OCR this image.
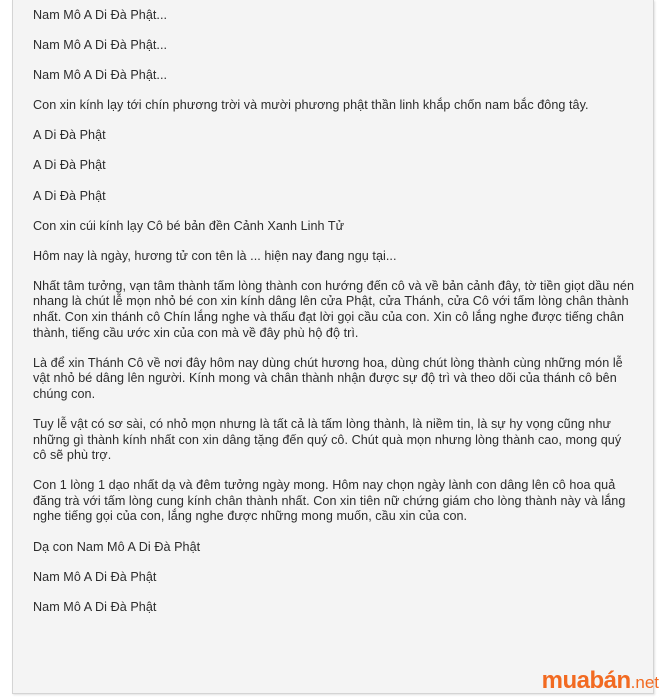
Nam Mô A Di Đà Phật...

Nam Mô A Di Đà Phật...

Nam Mô A Di Đà Phật...

Con xin kính lạy tới chín phương trời và mười phương phật thần linh khắp chốn nam bắc đông tây.

A Di Đà Phật

A Di Đà Phật

A Di Đà Phật

Con xin cúi kính lạy Cô bé bản đền Cảnh Xanh Linh Tử

Hôm nay là ngày, hương tử con tên là ... hiện nay đang ngụ tại...

Nhất tâm tưởng, vạn tâm thành tấm lòng thành con hướng đến cô và về bản cảnh đây, tờ tiền giọt dầu nén nhang là chút lễ mọn nhỏ bé con xin kính dâng lên cửa Phật, cửa Thánh, cửa Cô với tấm lòng chân thành nhất. Con xin thánh cô Chín lắng nghe và thấu đạt lời gọi cầu của con. Xin cô lắng nghe được tiếng chân thành, tiếng cầu ước xin của con mà về đây phù hộ độ trì.

Là để xin Thánh Cô về nơi đây hôm nay dùng chút hương hoa, dùng chút lòng thành cùng những món lễ vật nhỏ bé dâng lên người. Kính mong và chân thành nhận được sự độ trì và theo dõi của thánh cô bên chúng con.

Tuy lễ vật có sơ sài, có nhỏ mọn nhưng là tất cả là tấm lòng thành, là niềm tin, là sự hy vọng cũng như những gì thành kính nhất con xin dâng tặng đến quý cô. Chút quà mọn nhưng lòng thành cao, mong quý cô sẽ phù trợ.

Con 1 lòng 1 dạo nhất dạ và đêm tưởng ngày mong. Hôm nay chọn ngày lành con dâng lên cô hoa quả đăng trà với tấm lòng cung kính chân thành nhất. Con xin tiên nữ chứng giám cho lòng thành này và lắng nghe tiếng gọi của con, lắng nghe được những mong muốn, cầu xin của con.

Dạ con Nam Mô A Di Đà Phật

Nam Mô A Di Đà Phật

Nam Mô A Di Đà Phật

muabán.net
